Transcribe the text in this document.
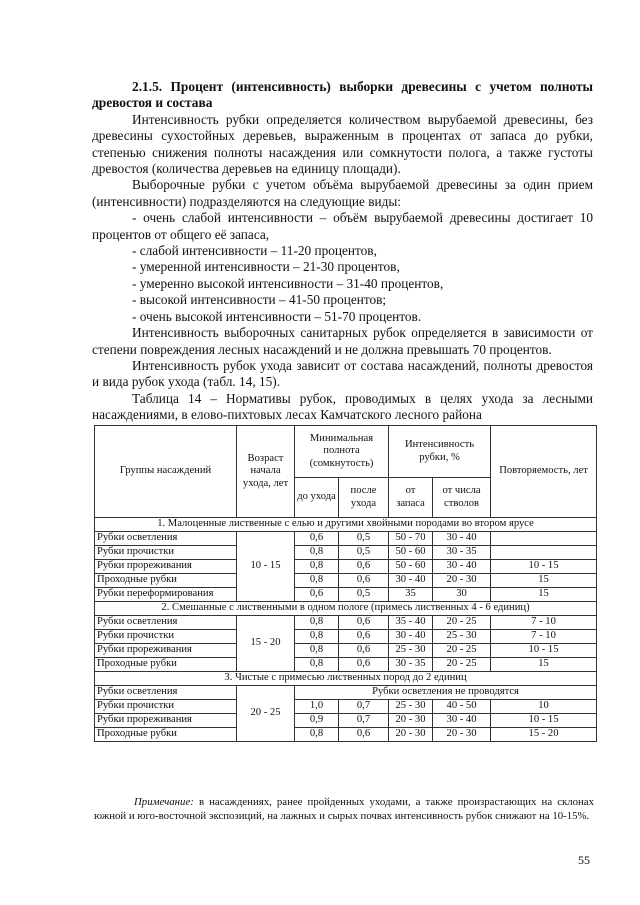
2.1.5. Процент (интенсивность) выборки древесины с учетом полноты древостоя и состава

Интенсивность рубки определяется количеством вырубаемой древесины, без древесины сухостойных деревьев, выраженным в процентах от запаса до рубки, степенью снижения полноты насаждения или сомкнутости полога, а также густоты древостоя (количества деревьев на единицу площади).

Выборочные рубки с учетом объёма вырубаемой древесины за один прием (интенсивности) подразделяются на следующие виды:

- очень слабой интенсивности – объём вырубаемой древесины достигает 10 процентов от общего её запаса,

- слабой интенсивности – 11-20 процентов,

- умеренной интенсивности – 21-30 процентов,

- умеренно высокой интенсивности – 31-40 процентов,

- высокой интенсивности – 41-50 процентов;

- очень высокой интенсивности – 51-70 процентов.

Интенсивность выборочных санитарных рубок определяется в зависимости от степени повреждения лесных насаждений и не должна превышать 70 процентов.

Интенсивность рубок ухода зависит от состава насаждений, полноты древостоя и вида рубок ухода (табл. 14, 15).

Таблица 14 – Нормативы рубок, проводимых в целях ухода за лесными насаждениями, в елово-пихтовых лесах Камчатского лесного района

Группы насаждений	Возраст начала ухода, лет	Минимальная полнота (сомкнутость)		Интенсивность рубки, %		Повторяемость, лет
		до ухода	после ухода	от запаса	от числа стволов	
1. Малоценные лиственные с елью и другими хвойными породами во втором ярусе						
Рубки осветления	10 - 15	0,6	0,5	50 - 70	30 - 40	
Рубки прочистки		0,8	0,5	50 - 60	30 - 35	
Рубки прореживания		0,8	0,6	50 - 60	30 - 40	10 - 15
Проходные рубки		0,8	0,6	30 - 40	20 - 30	15
Рубки переформирования		0,6	0,5	35	30	15
2. Смешанные с лиственными в одном пологе (примесь лиственных 4 - 6 единиц)						
Рубки осветления	15 - 20	0,8	0,6	35 - 40	20 - 25	7 - 10
Рубки прочистки		0,8	0,6	30 - 40	25 - 30	7 - 10
Рубки прореживания		0,8	0,6	25 - 30	20 - 25	10 - 15
Проходные рубки		0,8	0,6	30 - 35	20 - 25	15
3. Чистые с примесью лиственных пород до 2 единиц						
Рубки осветления	20 - 25	Рубки осветления не проводятся				
Рубки прочистки		1,0	0,7	25 - 30	40 - 50	10
Рубки прореживания		0,9	0,7	20 - 30	30 - 40	10 - 15
Проходные рубки		0,8	0,6	20 - 30	20 - 30	15 - 20

Примечание: в насаждениях, ранее пройденных уходами, а также произрастающих на склонах южной и юго-восточной экспозиций, на лажных и сырых почвах интенсивность рубок снижают на 10-15%.

55
